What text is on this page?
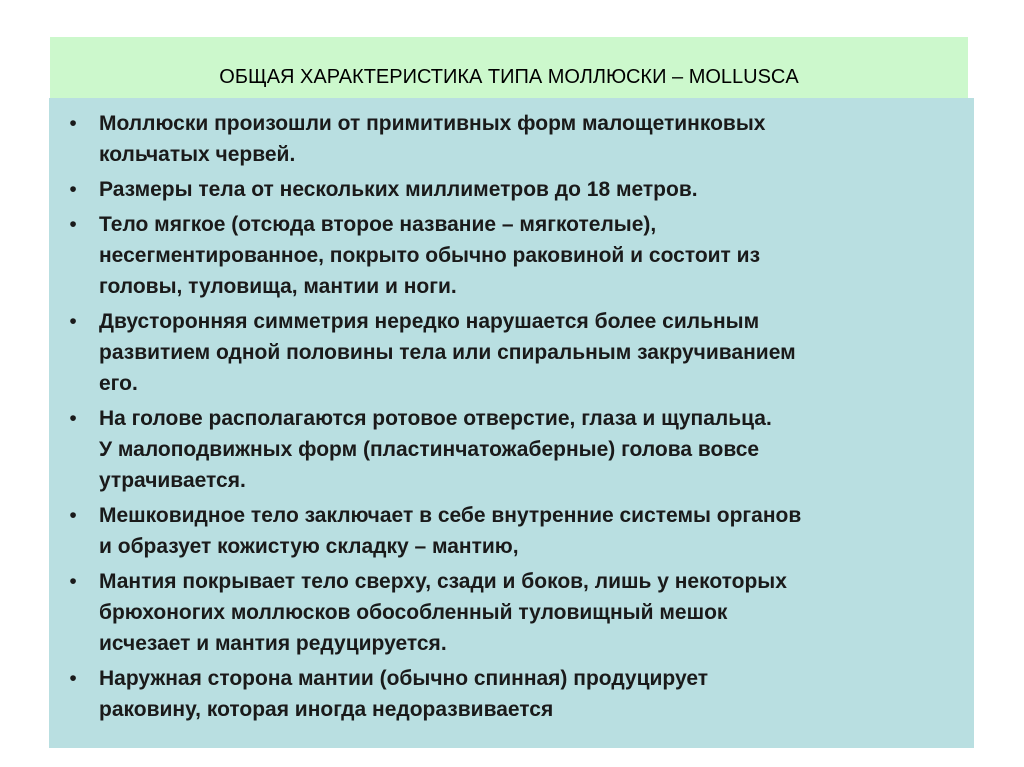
ОБЩАЯ ХАРАКТЕРИСТИКА ТИПА МОЛЛЮСКИ – MOLLUSCA
•	Моллюски произошли от примитивных форм малощетинковых
кольчатых червей.
•	Размеры тела от нескольких миллиметров до 18 метров.
•	Тело мягкое (отсюда второе название – мягкотелые),
несегментированное, покрыто обычно раковиной и состоит из
головы, туловища, мантии и ноги.
•	Двусторонняя симметрия нередко нарушается более сильным
развитием одной половины тела или спиральным закручиванием
его.
•	На голове располагаются ротовое отверстие, глаза и щупальца.
У малоподвижных форм (пластинчатожаберные) голова вовсе
утрачивается.
•	Мешковидное тело заключает в себе внутренние системы органов
и образует кожистую складку – мантию,
•	Мантия покрывает тело сверху, сзади и боков, лишь у некоторых
брюхоногих моллюсков обособленный туловищный мешок
исчезает и мантия редуцируется.
•	Наружная сторона мантии (обычно спинная) продуцирует
раковину, которая иногда недоразвивается
